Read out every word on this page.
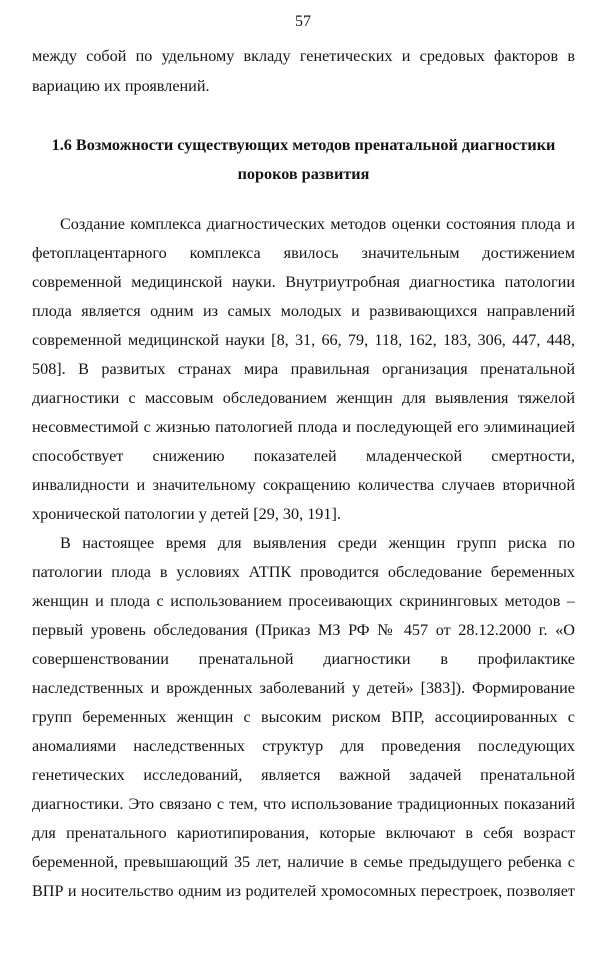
57
между собой по удельному вкладу генетических и средовых факторов в
вариацию их проявлений.
1.6 Возможности существующих методов пренатальной диагностики
пороков развития
Создание комплекса диагностических методов оценки состояния плода и
фетоплацентарного комплекса явилось значительным достижением
современной медицинской науки. Внутриутробная диагностика патологии
плода является одним из самых молодых и развивающихся направлений
современной медицинской науки [8, 31, 66, 79, 118, 162, 183, 306, 447, 448,
508]. В развитых странах мира правильная организация пренатальной
диагностики с массовым обследованием женщин для выявления тяжелой
несовместимой с жизнью патологией плода и последующей его элиминацией
способствует снижению показателей младенческой смертности,
инвалидности и значительному сокращению количества случаев вторичной
хронической патологии у детей [29, 30, 191].
В настоящее время для выявления среди женщин групп риска по
патологии плода в условиях АТПК проводится обследование беременных
женщин и плода с использованием просеивающих скрининговых методов –
первый уровень обследования (Приказ МЗ РФ № 457 от 28.12.2000 г. «О
совершенствовании пренатальной диагностики в профилактике
наследственных и врожденных заболеваний у детей» [383]). Формирование
групп беременных женщин с высоким риском ВПР, ассоциированных с
аномалиями наследственных структур для проведения последующих
генетических исследований, является важной задачей пренатальной
диагностики. Это связано с тем, что использование традиционных показаний
для пренатального кариотипирования, которые включают в себя возраст
беременной, превышающий 35 лет, наличие в семье предыдущего ребенка с
ВПР и носительство одним из родителей хромосомных перестроек, позволяет
